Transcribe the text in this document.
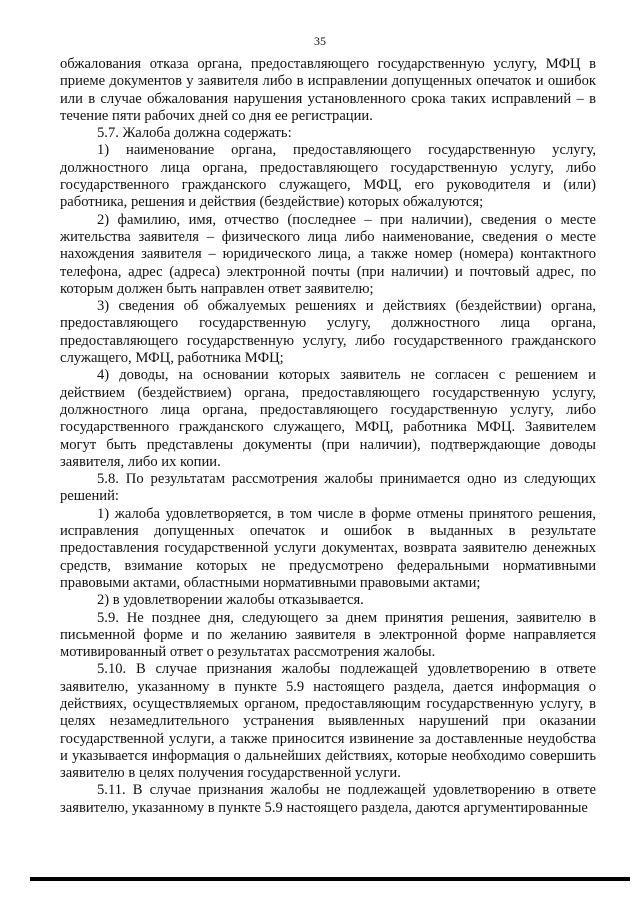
35

обжалования отказа органа, предоставляющего государственную услугу, МФЦ в приеме документов у заявителя либо в исправлении допущенных опечаток и ошибок или в случае обжалования нарушения установленного срока таких исправлений – в течение пяти рабочих дней со дня ее регистрации.

5.7. Жалоба должна содержать:

1) наименование органа, предоставляющего государственную услугу, должностного лица органа, предоставляющего государственную услугу, либо государственного гражданского служащего, МФЦ, его руководителя и (или) работника, решения и действия (бездействие) которых обжалуются;

2) фамилию, имя, отчество (последнее – при наличии), сведения о месте жительства заявителя – физического лица либо наименование, сведения о месте нахождения заявителя – юридического лица, а также номер (номера) контактного телефона, адрес (адреса) электронной почты (при наличии) и почтовый адрес, по которым должен быть направлен ответ заявителю;

3) сведения об обжалуемых решениях и действиях (бездействии) органа, предоставляющего государственную услугу, должностного лица органа, предоставляющего государственную услугу, либо государственного гражданского служащего, МФЦ, работника МФЦ;

4) доводы, на основании которых заявитель не согласен с решением и действием (бездействием) органа, предоставляющего государственную услугу, должностного лица органа, предоставляющего государственную услугу, либо государственного гражданского служащего, МФЦ, работника МФЦ. Заявителем могут быть представлены документы (при наличии), подтверждающие доводы заявителя, либо их копии.

5.8. По результатам рассмотрения жалобы принимается одно из следующих решений:

1) жалоба удовлетворяется, в том числе в форме отмены принятого решения, исправления допущенных опечаток и ошибок в выданных в результате предоставления государственной услуги документах, возврата заявителю денежных средств, взимание которых не предусмотрено федеральными нормативными правовыми актами, областными нормативными правовыми актами;

2) в удовлетворении жалобы отказывается.

5.9. Не позднее дня, следующего за днем принятия решения, заявителю в письменной форме и по желанию заявителя в электронной форме направляется мотивированный ответ о результатах рассмотрения жалобы.

5.10. В случае признания жалобы подлежащей удовлетворению в ответе заявителю, указанному в пункте 5.9 настоящего раздела, дается информация о действиях, осуществляемых органом, предоставляющим государственную услугу, в целях незамедлительного устранения выявленных нарушений при оказании государственной услуги, а также приносится извинение за доставленные неудобства и указывается информация о дальнейших действиях, которые необходимо совершить заявителю в целях получения государственной услуги.

5.11. В случае признания жалобы не подлежащей удовлетворению в ответе заявителю, указанному в пункте 5.9 настоящего раздела, даются аргументированные
